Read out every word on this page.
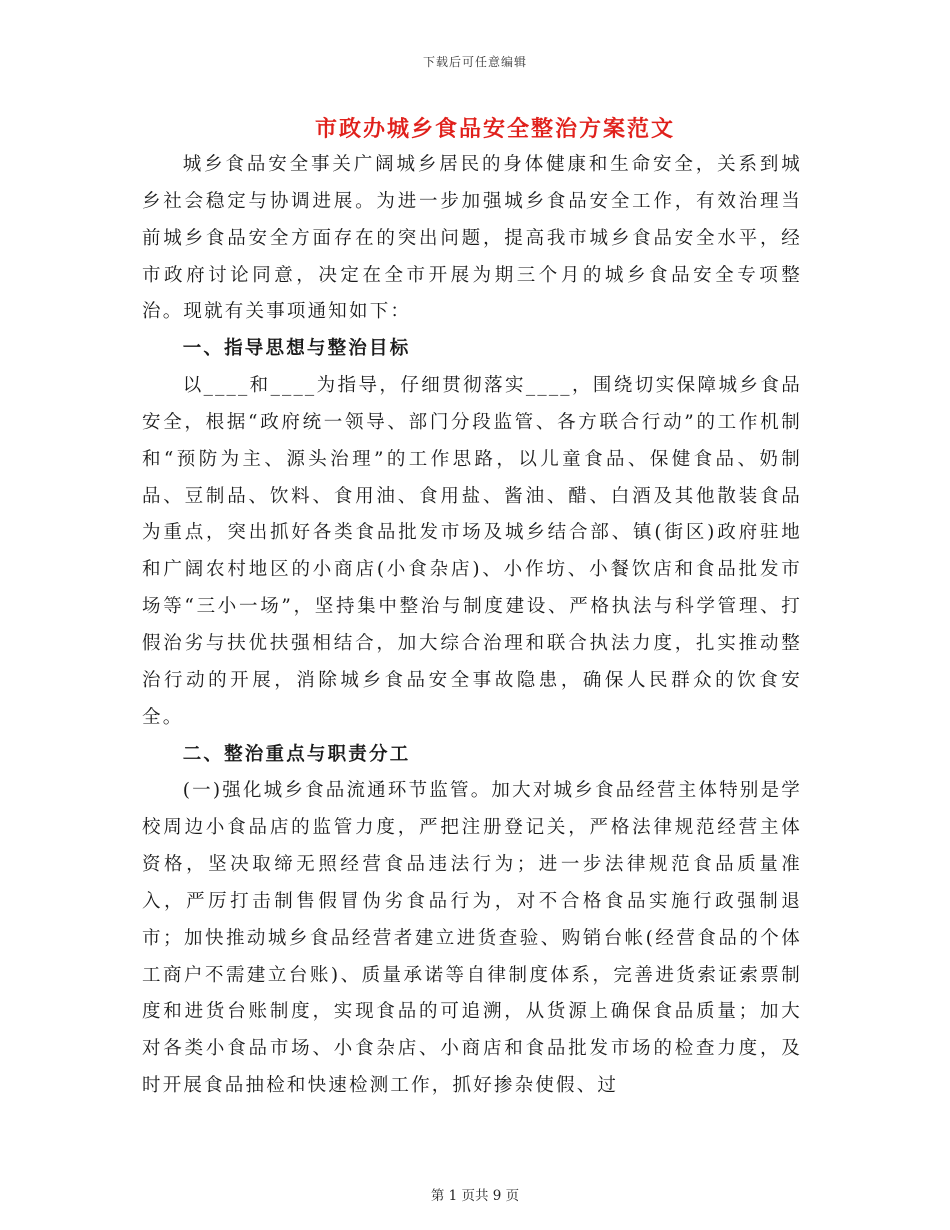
下载后可任意编辑
市政办城乡食品安全整治方案范文

城乡食品安全事关广阔城乡居民的身体健康和生命安全，关系到城乡社会稳定与协调进展。为进一步加强城乡食品安全工作，有效治理当前城乡食品安全方面存在的突出问题，提高我市城乡食品安全水平，经市政府讨论同意，决定在全市开展为期三个月的城乡食品安全专项整治。现就有关事项通知如下：

一、指导思想与整治目标

以____和____为指导，仔细贯彻落实____，围绕切实保障城乡食品安全，根据“政府统一领导、部门分段监管、各方联合行动”的工作机制和“预防为主、源头治理”的工作思路，以儿童食品、保健食品、奶制品、豆制品、饮料、食用油、食用盐、酱油、醋、白酒及其他散装食品为重点，突出抓好各类食品批发市场及城乡结合部、镇(街区)政府驻地和广阔农村地区的小商店(小食杂店)、小作坊、小餐饮店和食品批发市场等“三小一场”，坚持集中整治与制度建设、严格执法与科学管理、打假治劣与扶优扶强相结合，加大综合治理和联合执法力度，扎实推动整治行动的开展，消除城乡食品安全事故隐患，确保人民群众的饮食安全。

二、整治重点与职责分工

(一)强化城乡食品流通环节监管。加大对城乡食品经营主体特别是学校周边小食品店的监管力度，严把注册登记关，严格法律规范经营主体资格，坚决取缔无照经营食品违法行为；进一步法律规范食品质量准入，严厉打击制售假冒伪劣食品行为，对不合格食品实施行政强制退市；加快推动城乡食品经营者建立进货查验、购销台帐(经营食品的个体工商户不需建立台账)、质量承诺等自律制度体系，完善进货索证索票制度和进货台账制度，实现食品的可追溯，从货源上确保食品质量；加大对各类小食品市场、小食杂店、小商店和食品批发市场的检查力度，及时开展食品抽检和快速检测工作，抓好掺杂使假、过

第 1 页共 9 页
